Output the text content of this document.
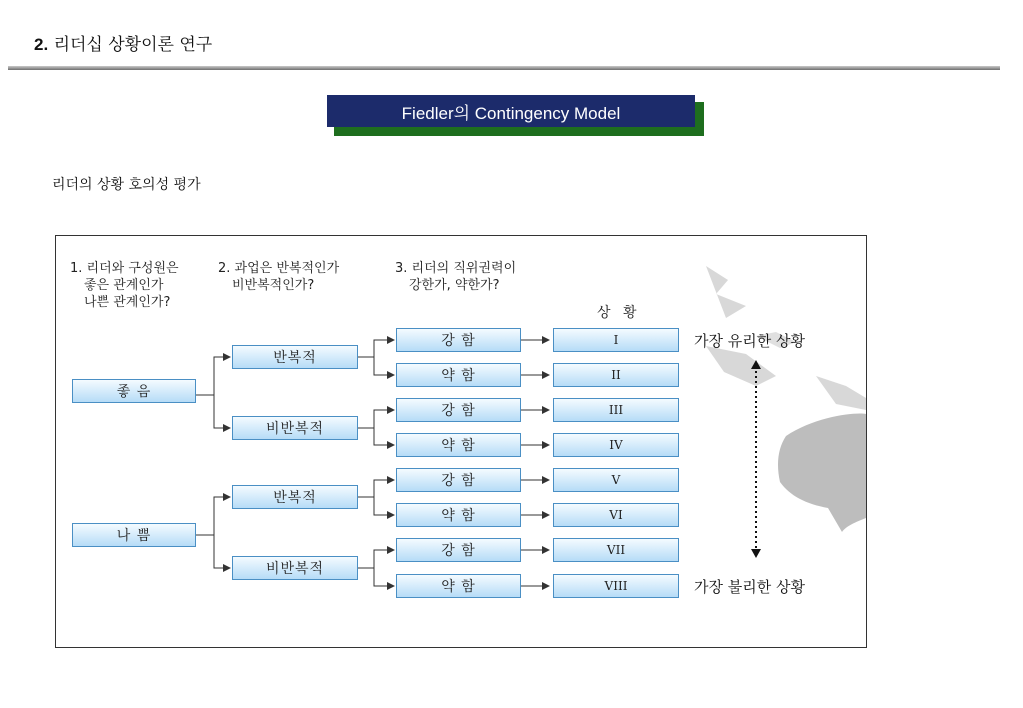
2. 리더십 상황이론 연구
Fiedler의 Contingency Model
리더의 상황 호의성 평가
1. 리더와 구성원은
좋은 관계인가
나쁜 관계인가?
2. 과업은 반복적인가
비반복적인가?
3. 리더의 직위권력이
강한가, 약한가?
상 황
좋 음
나 쁨
반복적
비반복적
반복적
비반복적
강 함
약 함
강 함
약 함
강 함
약 함
강 함
약 함
I
II
III
IV
V
VI
VII
VIII
가장 유리한 상황
가장 불리한 상황
